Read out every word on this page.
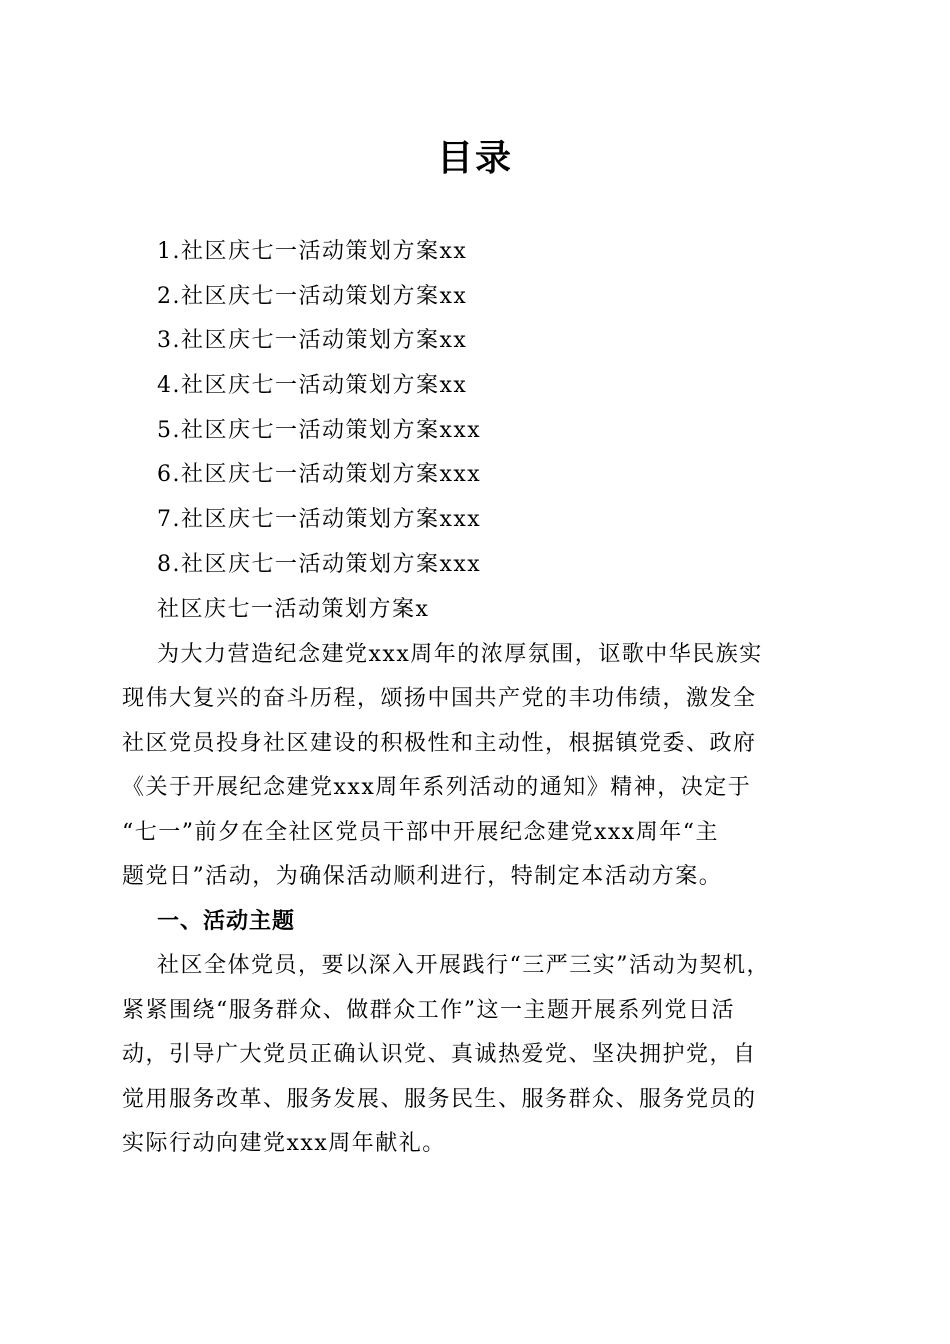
目录
1.社区庆七一活动策划方案xx
2.社区庆七一活动策划方案xx
3.社区庆七一活动策划方案xx
4.社区庆七一活动策划方案xx
5.社区庆七一活动策划方案xxx
6.社区庆七一活动策划方案xxx
7.社区庆七一活动策划方案xxx
8.社区庆七一活动策划方案xxx
社区庆七一活动策划方案x
为大力营造纪念建党xxx周年的浓厚氛围，讴歌中华民族实
现伟大复兴的奋斗历程，颂扬中国共产党的丰功伟绩，激发全
社区党员投身社区建设的积极性和主动性，根据镇党委、政府
《关于开展纪念建党xxx周年系列活动的通知》精神，决定于
“七一”前夕在全社区党员干部中开展纪念建党xxx周年“主
题党日”活动，为确保活动顺利进行，特制定本活动方案。
一、活动主题
社区全体党员，要以深入开展践行“三严三实”活动为契机，
紧紧围绕“服务群众、做群众工作”这一主题开展系列党日活
动，引导广大党员正确认识党、真诚热爱党、坚决拥护党，自
觉用服务改革、服务发展、服务民生、服务群众、服务党员的
实际行动向建党xxx周年献礼。
